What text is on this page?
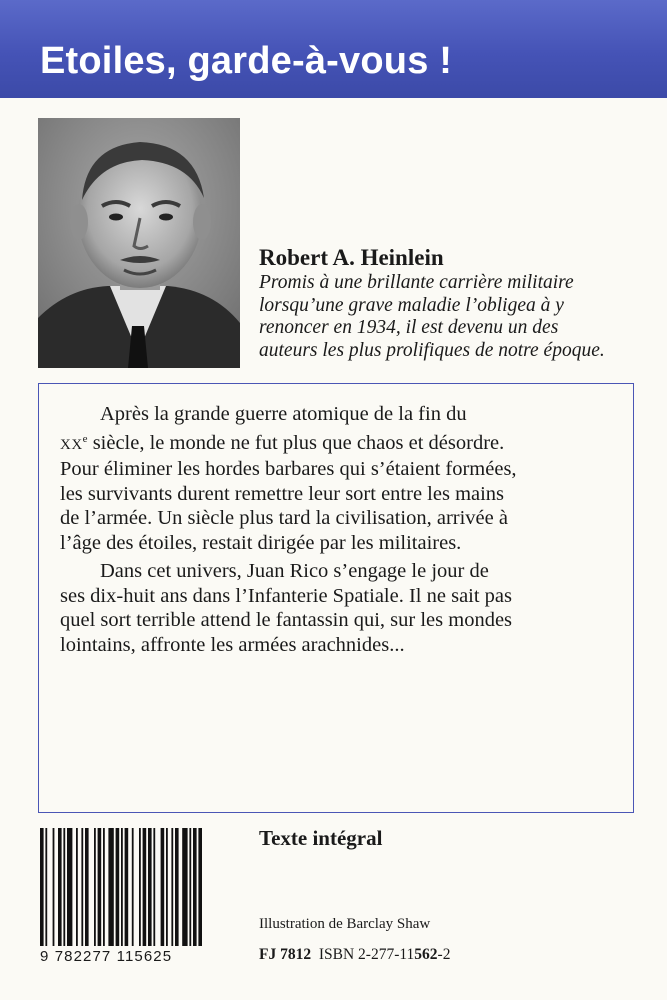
Etoiles, garde-à-vous !
Robert A. Heinlein
Promis à une brillante carrière militaire
lorsqu’une grave maladie l’obligea à y
renoncer en 1934, il est devenu un des
auteurs les plus prolifiques de notre époque.
Après la grande guerre atomique de la fin du
XXe siècle, le monde ne fut plus que chaos et désordre.
Pour éliminer les hordes barbares qui s’étaient formées,
les survivants durent remettre leur sort entre les mains
de l’armée. Un siècle plus tard la civilisation, arrivée à
l’âge des étoiles, restait dirigée par les militaires.
Dans cet univers, Juan Rico s’engage le jour de
ses dix-huit ans dans l’Infanterie Spatiale. Il ne sait pas
quel sort terrible attend le fantassin qui, sur les mondes
lointains, affronte les armées arachnides...
9 782277 115625
Texte intégral
Illustration de Barclay Shaw
FJ 7812 ISBN 2-277-11562-2
